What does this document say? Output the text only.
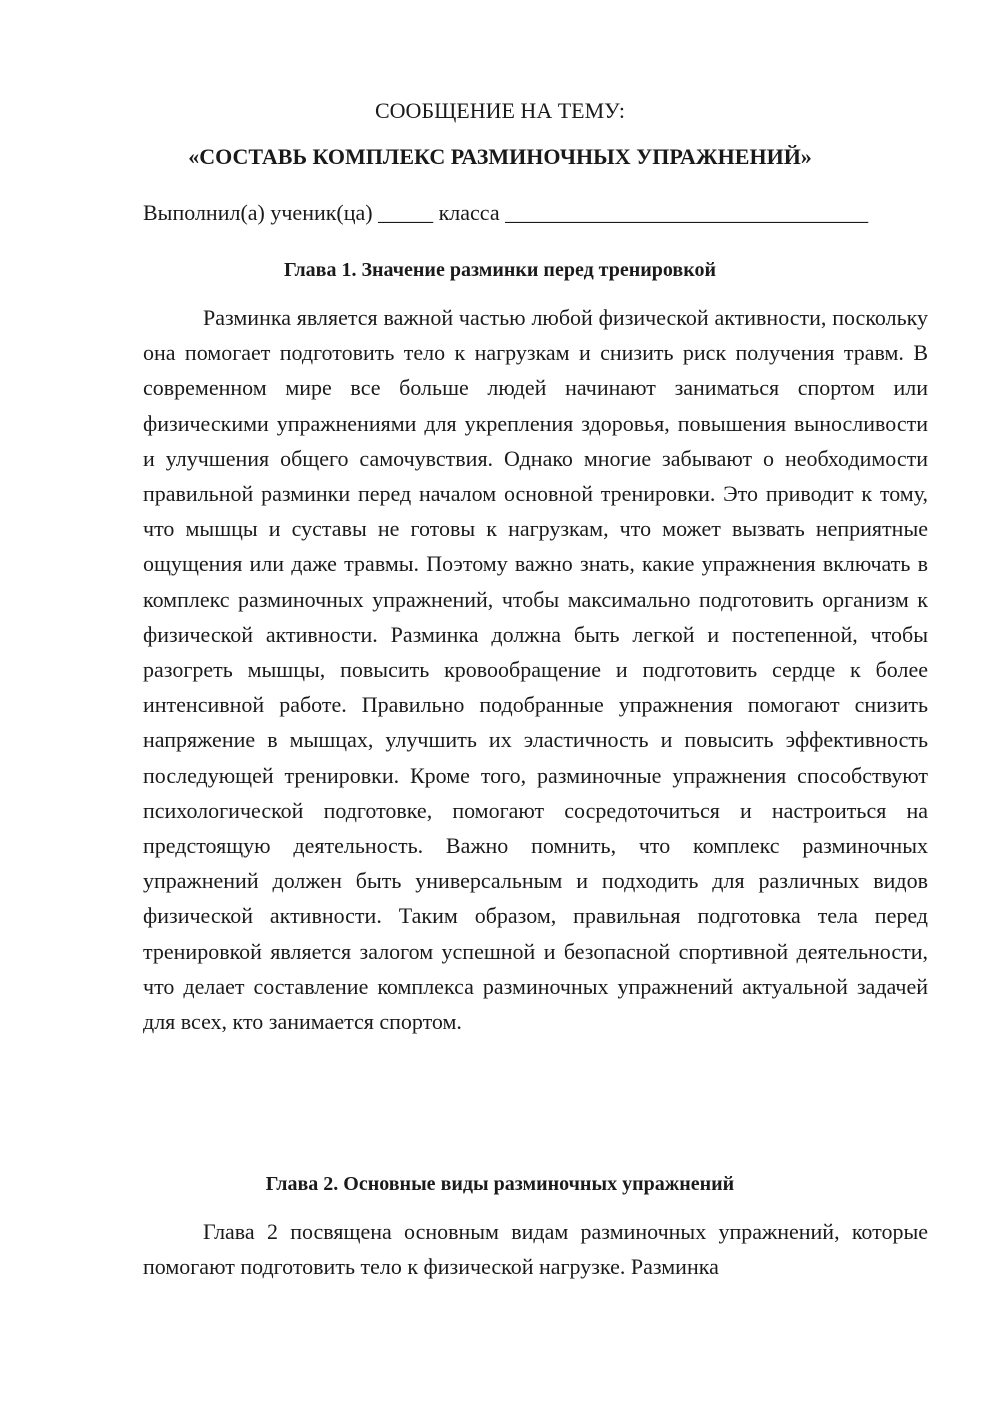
СООБЩЕНИЕ НА ТЕМУ:
«СОСТАВЬ КОМПЛЕКС РАЗМИНОЧНЫХ УПРАЖНЕНИЙ»
Выполнил(а) ученик(ца) _____ класса _________________________________
Глава 1. Значение разминки перед тренировкой

Разминка является важной частью любой физической активности, поскольку она помогает подготовить тело к нагрузкам и снизить риск получения травм. В современном мире все больше людей начинают заниматься спортом или физическими упражнениями для укрепления здоровья, повышения выносливости и улучшения общего самочувствия. Однако многие забывают о необходимости правильной разминки перед началом основной тренировки. Это приводит к тому, что мышцы и суставы не готовы к нагрузкам, что может вызвать неприятные ощущения или даже травмы. Поэтому важно знать, какие упражнения включать в комплекс разминочных упражнений, чтобы максимально подготовить организм к физической активности. Разминка должна быть легкой и постепенной, чтобы разогреть мышцы, повысить кровообращение и подготовить сердце к более интенсивной работе. Правильно подобранные упражнения помогают снизить напряжение в мышцах, улучшить их эластичность и повысить эффективность последующей тренировки. Кроме того, разминочные упражнения способствуют психологической подготовке, помогают сосредоточиться и настроиться на предстоящую деятельность. Важно помнить, что комплекс разминочных упражнений должен быть универсальным и подходить для различных видов физической активности. Таким образом, правильная подготовка тела перед тренировкой является залогом успешной и безопасной спортивной деятельности, что делает составление комплекса разминочных упражнений актуальной задачей для всех, кто занимается спортом.

Глава 2. Основные виды разминочных упражнений

Глава 2 посвящена основным видам разминочных упражнений, которые помогают подготовить тело к физической нагрузке. Разминка
